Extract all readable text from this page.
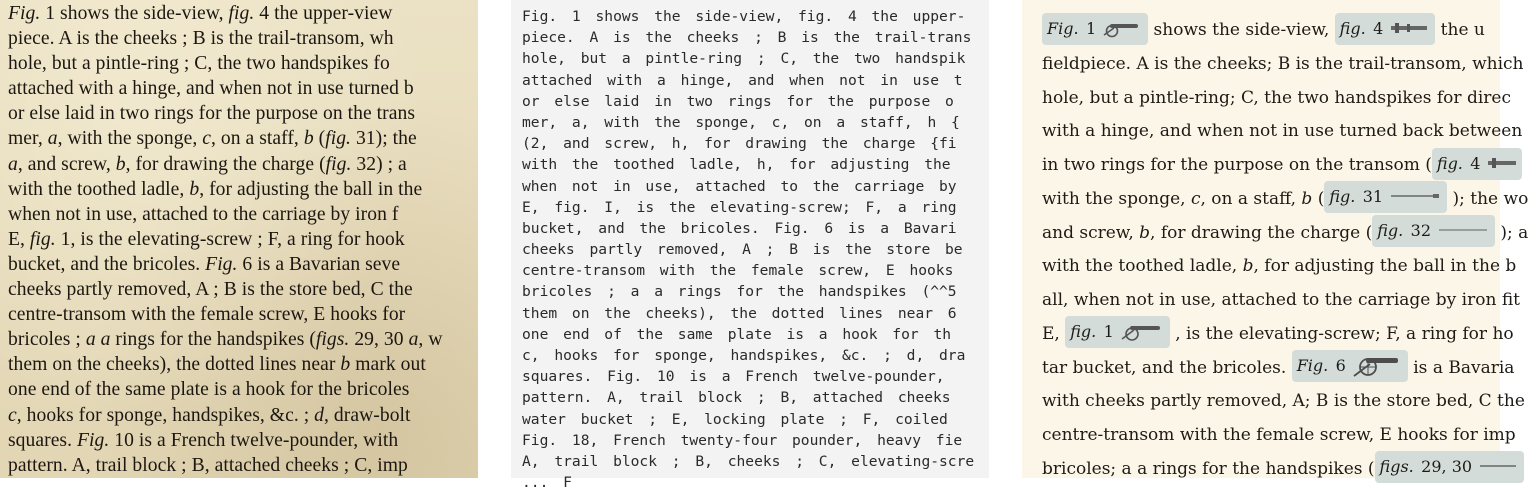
Fig. 1 shows the side-view, fig. 4 the upper-view
piece. A is the cheeks ; B is the trail-transom, wh
hole, but a pintle-ring ; C, the two handspikes fo
attached with a hinge, and when not in use turned b
or else laid in two rings for the purpose on the trans
mer, a, with the sponge, c, on a staff, b (fig. 31); the
a, and screw, b, for drawing the charge (fig. 32) ; a
with the toothed ladle, b, for adjusting the ball in the
when not in use, attached to the carriage by iron f
E, fig. 1, is the elevating-screw ; F, a ring for hook
bucket, and the bricoles. Fig. 6 is a Bavarian seve
cheeks partly removed, A ; B is the store bed, C the
centre-transom with the female screw, E hooks for
bricoles ; a a rings for the handspikes (figs. 29, 30 a, w
them on the cheeks), the dotted lines near b mark out
one end of the same plate is a hook for the bricoles
c, hooks for sponge, handspikes, &c. ; d, draw-bolt
squares. Fig. 10 is a French twelve-pounder, with
pattern. A, trail block ; B, attached cheeks ; C, imp
Fig. 1 shows the side-view, fig. 4 the upper-
piece. A is the cheeks ; B is the trail-trans
hole, but a pintle-ring ; C, the two handspik
attached with a hinge, and when not in use t
or else laid in two rings for the purpose o
mer, a, with the sponge, c, on a staff, h {
(2, and screw, h, for drawing the charge {fi
with the toothed ladle, h, for adjusting the
when not in use, attached to the carriage by
E, fig. I, is the elevating-screw; F, a ring
bucket, and the bricoles. Fig. 6 is a Bavari
cheeks partly removed, A ; B is the store be
centre-transom with the female screw, E hooks
bricoles ; a a rings for the handspikes (^^5
them on the cheeks), the dotted lines near 6
one end of the same plate is a hook for th
c, hooks for sponge, handspikes, &c. ; d, dra
squares. Fig. 10 is a French twelve-pounder,
pattern. A, trail block ; B, attached cheeks
water bucket ; E, locking plate ; F, coiled
Fig. 18, French twenty-four pounder, heavy fie
A, trail block ; B, cheeks ; C, elevating-scre
... F
Fig. 1	shows the side-view, fig. 4	the u
fieldpiece. A is the cheeks; B is the trail-transom, which
hole, but a pintle-ring; C, the two handspikes for direc
with a hinge, and when not in use turned back between
in two rings for the purpose on the transom ( fig. 4
with the sponge, c, on a staff, b ( fig. 31	); the wo
and screw, b, for drawing the charge ( fig. 32	); a
with the toothed ladle, b, for adjusting the ball in the b
all, when not in use, attached to the carriage by iron fit
E, fig. 1	, is the elevating-screw; F, a ring for ho
tar bucket, and the bricoles. Fig. 6	is a Bavaria
with cheeks partly removed, A; B is the store bed, C the
centre-transom with the female screw, E hooks for imp
bricoles; a a rings for the handspikes ( figs. 29, 30
